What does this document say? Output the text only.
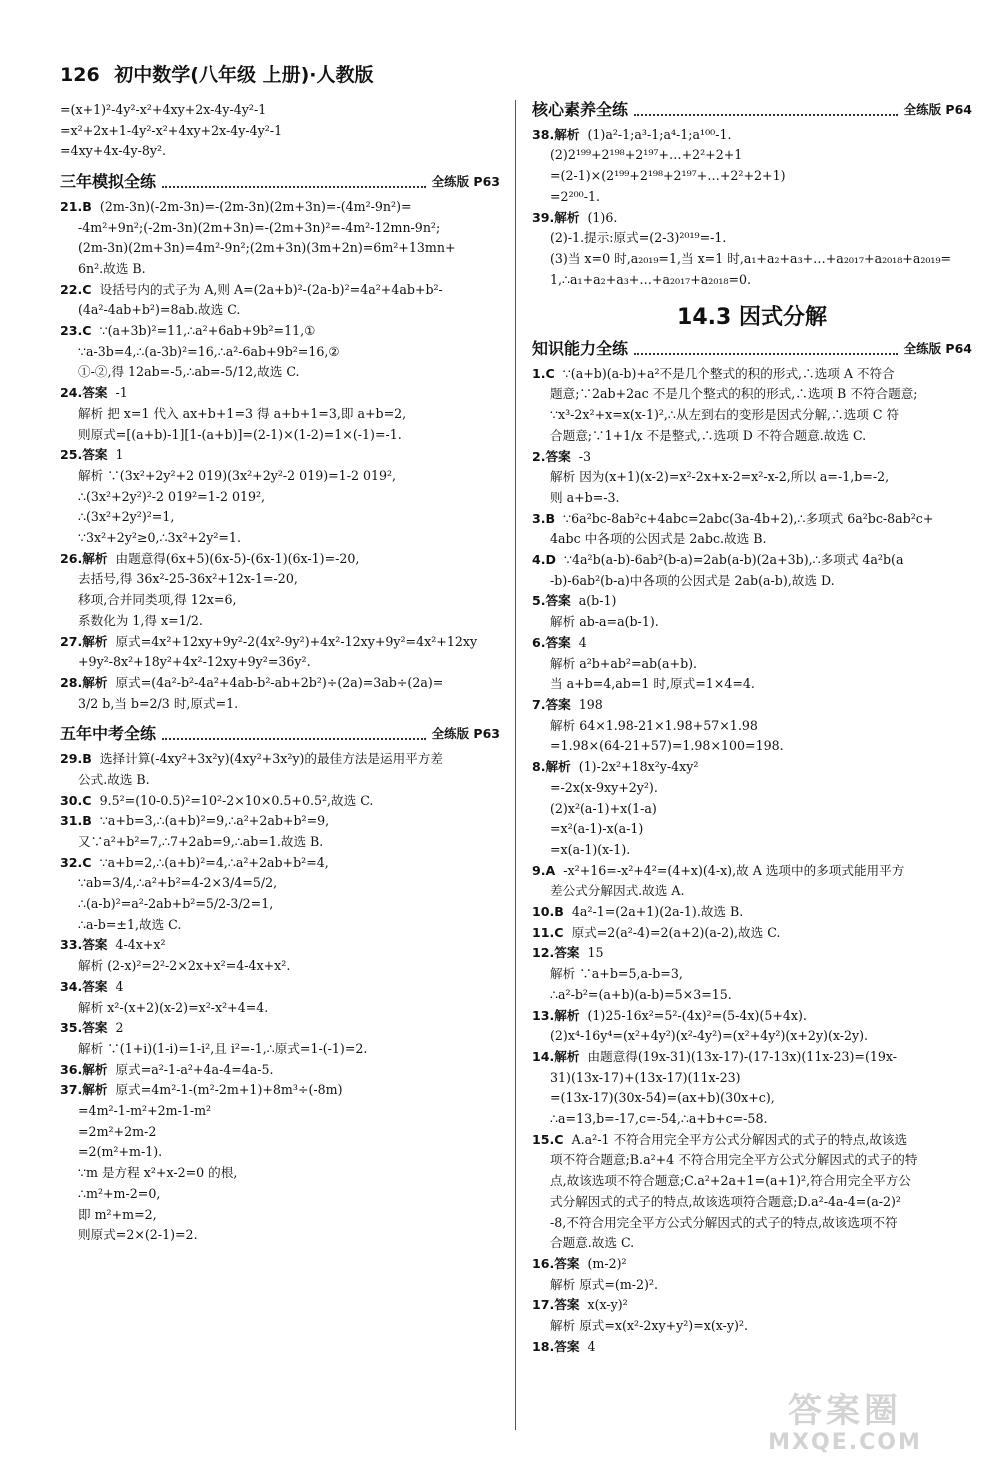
126 初中数学(八年级 上册)·人教版
=(x+1)²-4y²-x²+4xy+2x-4y-4y²-1
=x²+2x+1-4y²-x²+4xy+2x-4y-4y²-1
=4xy+4x-4y-8y².
三年模拟全练	全练版 P63
21.B (2m-3n)(-2m-3n)=-(2m-3n)(2m+3n)=-(4m²-9n²)=
-4m²+9n²;(-2m-3n)(2m+3n)=-(2m+3n)²=-4m²-12mn-9n²;
(2m-3n)(2m+3n)=4m²-9n²;(2m+3n)(3m+2n)=6m²+13mn+
6n².故选 B.
22.C 设括号内的式子为 A,则 A=(2a+b)²-(2a-b)²=4a²+4ab+b²-
(4a²-4ab+b²)=8ab.故选 C.
23.C ∵(a+3b)²=11,∴a²+6ab+9b²=11,①
∵a-3b=4,∴(a-3b)²=16,∴a²-6ab+9b²=16,②
①-②,得 12ab=-5,∴ab=-5/12,故选 C.
24.答案 -1
解析 把 x=1 代入 ax+b+1=3 得 a+b+1=3,即 a+b=2,
则原式=[(a+b)-1][1-(a+b)]=(2-1)×(1-2)=1×(-1)=-1.
25.答案 1
解析 ∵(3x²+2y²+2 019)(3x²+2y²-2 019)=1-2 019²,
∴(3x²+2y²)²-2 019²=1-2 019²,
∴(3x²+2y²)²=1,
∵3x²+2y²≥0,∴3x²+2y²=1.
26.解析 由题意得(6x+5)(6x-5)-(6x-1)(6x-1)=-20,
去括号,得 36x²-25-36x²+12x-1=-20,
移项,合并同类项,得 12x=6,
系数化为 1,得 x=1/2.
27.解析 原式=4x²+12xy+9y²-2(4x²-9y²)+4x²-12xy+9y²=4x²+12xy
+9y²-8x²+18y²+4x²-12xy+9y²=36y².
28.解析 原式=(4a²-b²-4a²+4ab-b²-ab+2b²)÷(2a)=3ab÷(2a)=
3/2 b,当 b=2/3 时,原式=1.
五年中考全练	全练版 P63
29.B 选择计算(-4xy²+3x²y)(4xy²+3x²y)的最佳方法是运用平方差
公式.故选 B.
30.C 9.5²=(10-0.5)²=10²-2×10×0.5+0.5²,故选 C.
31.B ∵a+b=3,∴(a+b)²=9,∴a²+2ab+b²=9,
又∵a²+b²=7,∴7+2ab=9,∴ab=1.故选 B.
32.C ∵a+b=2,∴(a+b)²=4,∴a²+2ab+b²=4,
∵ab=3/4,∴a²+b²=4-2×3/4=5/2,
∴(a-b)²=a²-2ab+b²=5/2-3/2=1,
∴a-b=±1,故选 C.
33.答案 4-4x+x²
解析 (2-x)²=2²-2×2x+x²=4-4x+x².
34.答案 4
解析 x²-(x+2)(x-2)=x²-x²+4=4.
35.答案 2
解析 ∵(1+i)(1-i)=1-i²,且 i²=-1,∴原式=1-(-1)=2.
36.解析 原式=a²-1-a²+4a-4=4a-5.
37.解析 原式=4m²-1-(m²-2m+1)+8m³÷(-8m)
=4m²-1-m²+2m-1-m²
=2m²+2m-2
=2(m²+m-1).
∵m 是方程 x²+x-2=0 的根,
∴m²+m-2=0,
即 m²+m=2,
则原式=2×(2-1)=2.
核心素养全练	全练版 P64
38.解析 (1)a²-1;a³-1;a⁴-1;a¹⁰⁰-1.
(2)2¹⁹⁹+2¹⁹⁸+2¹⁹⁷+…+2²+2+1
=(2-1)×(2¹⁹⁹+2¹⁹⁸+2¹⁹⁷+…+2²+2+1)
=2²⁰⁰-1.
39.解析 (1)6.
(2)-1.提示:原式=(2-3)²⁰¹⁹=-1.
(3)当 x=0 时,a₂₀₁₉=1,当 x=1 时,a₁+a₂+a₃+…+a₂₀₁₇+a₂₀₁₈+a₂₀₁₉=
1,∴a₁+a₂+a₃+…+a₂₀₁₇+a₂₀₁₈=0.
14.3 因式分解
知识能力全练	全练版 P64
1.C ∵(a+b)(a-b)+a²不是几个整式的积的形式,∴选项 A 不符合
题意;∵2ab+2ac 不是几个整式的积的形式,∴选项 B 不符合题意;
∵x³-2x²+x=x(x-1)²,∴从左到右的变形是因式分解,∴选项 C 符
合题意;∵1+1/x 不是整式,∴选项 D 不符合题意.故选 C.
2.答案 -3
解析 因为(x+1)(x-2)=x²-2x+x-2=x²-x-2,所以 a=-1,b=-2,
则 a+b=-3.
3.B ∵6a²bc-8ab²c+4abc=2abc(3a-4b+2),∴多项式 6a²bc-8ab²c+
4abc 中各项的公因式是 2abc.故选 B.
4.D ∵4a²b(a-b)-6ab²(b-a)=2ab(a-b)(2a+3b),∴多项式 4a²b(a
-b)-6ab²(b-a)中各项的公因式是 2ab(a-b),故选 D.
5.答案 a(b-1)
解析 ab-a=a(b-1).
6.答案 4
解析 a²b+ab²=ab(a+b).
当 a+b=4,ab=1 时,原式=1×4=4.
7.答案 198
解析 64×1.98-21×1.98+57×1.98
=1.98×(64-21+57)=1.98×100=198.
8.解析 (1)-2x²+18x²y-4xy²
=-2x(x-9xy+2y²).
(2)x²(a-1)+x(1-a)
=x²(a-1)-x(a-1)
=x(a-1)(x-1).
9.A -x²+16=-x²+4²=(4+x)(4-x),故 A 选项中的多项式能用平方
差公式分解因式.故选 A.
10.B 4a²-1=(2a+1)(2a-1).故选 B.
11.C 原式=2(a²-4)=2(a+2)(a-2),故选 C.
12.答案 15
解析 ∵a+b=5,a-b=3,
∴a²-b²=(a+b)(a-b)=5×3=15.
13.解析 (1)25-16x²=5²-(4x)²=(5-4x)(5+4x).
(2)x⁴-16y⁴=(x²+4y²)(x²-4y²)=(x²+4y²)(x+2y)(x-2y).
14.解析 由题意得(19x-31)(13x-17)-(17-13x)(11x-23)=(19x-
31)(13x-17)+(13x-17)(11x-23)
=(13x-17)(30x-54)=(ax+b)(30x+c),
∴a=13,b=-17,c=-54,∴a+b+c=-58.
15.C A.a²-1 不符合用完全平方公式分解因式的式子的特点,故该选
项不符合题意;B.a²+4 不符合用完全平方公式分解因式的式子的特
点,故该选项不符合题意;C.a²+2a+1=(a+1)²,符合用完全平方公
式分解因式的式子的特点,故该选项符合题意;D.a²-4a-4=(a-2)²
-8,不符合用完全平方公式分解因式的式子的特点,故该选项不符
合题意.故选 C.
16.答案 (m-2)²
解析 原式=(m-2)².
17.答案 x(x-y)²
解析 原式=x(x²-2xy+y²)=x(x-y)².
18.答案 4
答案圈
MXQE.COM
